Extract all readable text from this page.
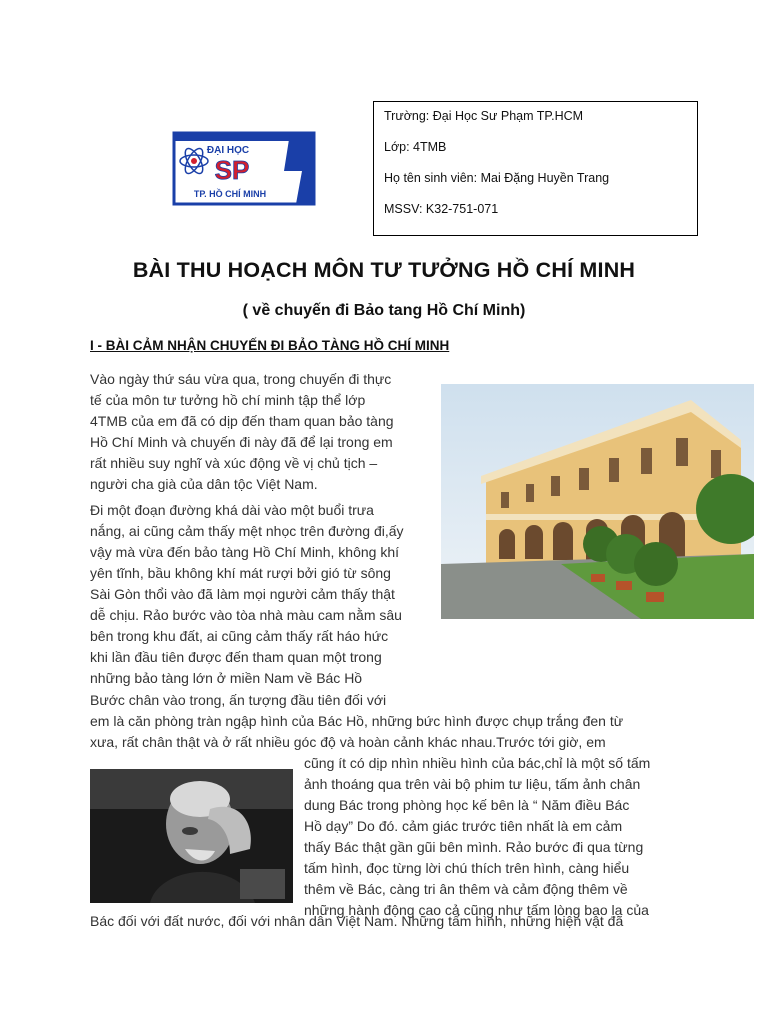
ĐẠI HỌC
SP
TP. HỒ CHÍ MINH
Trường: Đại Học Sư Phạm TP.HCM
Lớp: 4TMB
Họ tên sinh viên: Mai Đặng Huyền Trang
MSSV: K32-751-071
BÀI THU HOẠCH MÔN TƯ TƯỞNG HỒ CHÍ MINH
( về chuyến đi Bảo tang Hồ Chí Minh)
I - BÀI CẢM NHẬN CHUYẾN ĐI BẢO TÀNG HỒ CHÍ MINH
Vào ngày thứ sáu vừa qua, trong chuyến đi thực
tế của môn tư tưởng hồ chí minh tập thể lớp
4TMB của em đã có dịp đến tham quan bảo tàng
Hồ Chí Minh và chuyến đi này đã để lại trong em
rất nhiều suy nghĩ và xúc động về vị chủ tịch –
người cha già của dân tộc Việt Nam.
Đi một đoạn đường khá dài vào một buổi trưa
nắng, ai cũng cảm thấy mệt nhọc trên đường đi,ấy
vậy mà vừa đến bảo tàng Hồ Chí Minh, không khí
yên tĩnh, bầu không khí mát rượi bởi gió từ sông
Sài Gòn thổi vào đã làm mọi người cảm thấy thật
dễ chịu. Rảo bước vào tòa nhà màu cam nằm sâu
bên trong khu đất, ai cũng cảm thấy rất háo hức
khi lần đầu tiên được đến tham quan một trong
những bảo tàng lớn ở miền Nam về Bác Hồ
Bước chân vào trong, ấn tượng đầu tiên đối với
em là căn phòng tràn ngập hình của Bác Hồ, những bức hình được chụp trắng đen từ
xưa, rất chân thật và ở rất nhiều góc độ và hoàn cảnh khác nhau.Trước tới giờ, em
cũng ít có dịp nhìn nhiều hình của bác,chỉ là một số tấm
ảnh thoáng qua trên vài bộ phim tư liệu, tấm ảnh chân
dung Bác trong phòng học kế bên là “ Năm điều Bác
Hồ dạy” Do đó. cảm giác trước tiên nhất là em cảm
thấy Bác thật gần gũi bên mình. Rảo bước đi qua từng
tấm hình, đọc từng lời chú thích trên hình, càng hiểu
thêm về Bác, càng tri ân thêm và cảm động thêm về
những hành động cao cả cũng như tấm lòng bao la của
Bác đối với đất nước, đối với nhân dân Việt Nam. Những tấm hình, những hiện vật đã
